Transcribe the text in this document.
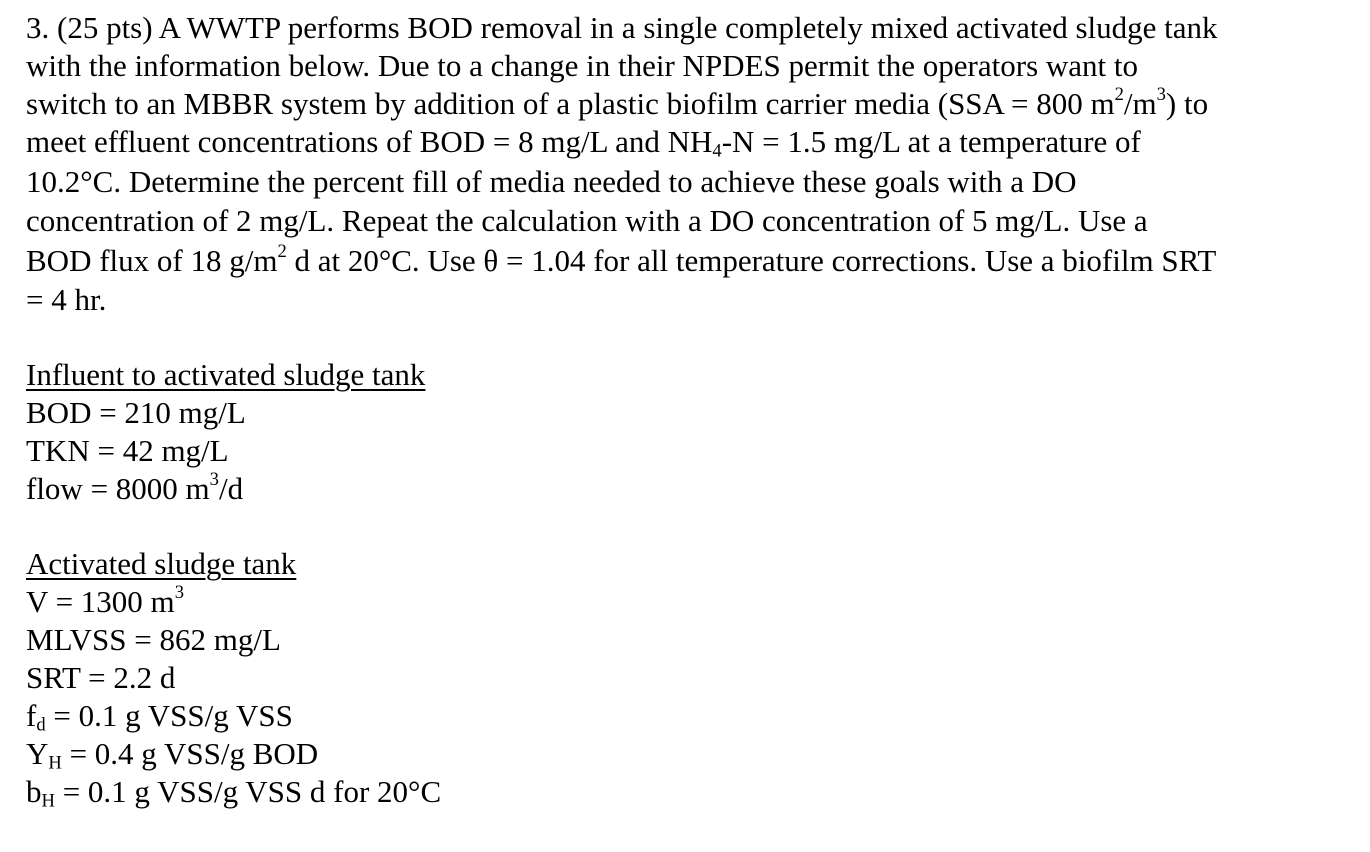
3. (25 pts) A WWTP performs BOD removal in a single completely mixed activated sludge tank
with the information below. Due to a change in their NPDES permit the operators want to
switch to an MBBR system by addition of a plastic biofilm carrier media (SSA = 800 $m^2/m^3$) to
meet effluent concentrations of BOD = 8 mg/L and $NH_4-N = 1.5$ mg/L at a temperature of
10.2°C. Determine the percent fill of media needed to achieve these goals with a DO
concentration of 2 mg/L. Repeat the calculation with a DO concentration of 5 mg/L. Use a
BOD flux of 18 $g/m^2$ d at 20°C. Use θ = 1.04 for all temperature corrections. Use a biofilm SRT
= 4 hr.
Influent to activated sludge tank
BOD = 210 mg/L
TKN = 42 mg/L
flow = 8000 $m^3/d$
Activated sludge tank
V = 1300 $m^3$
MLVSS = 862 mg/L
SRT = 2.2 d
$f_d = 0.1$ g VSS/g VSS
$Y_H = 0.4$ g VSS/g BOD
$b_H = 0.1$ g VSS/g VSS d for 20°C
